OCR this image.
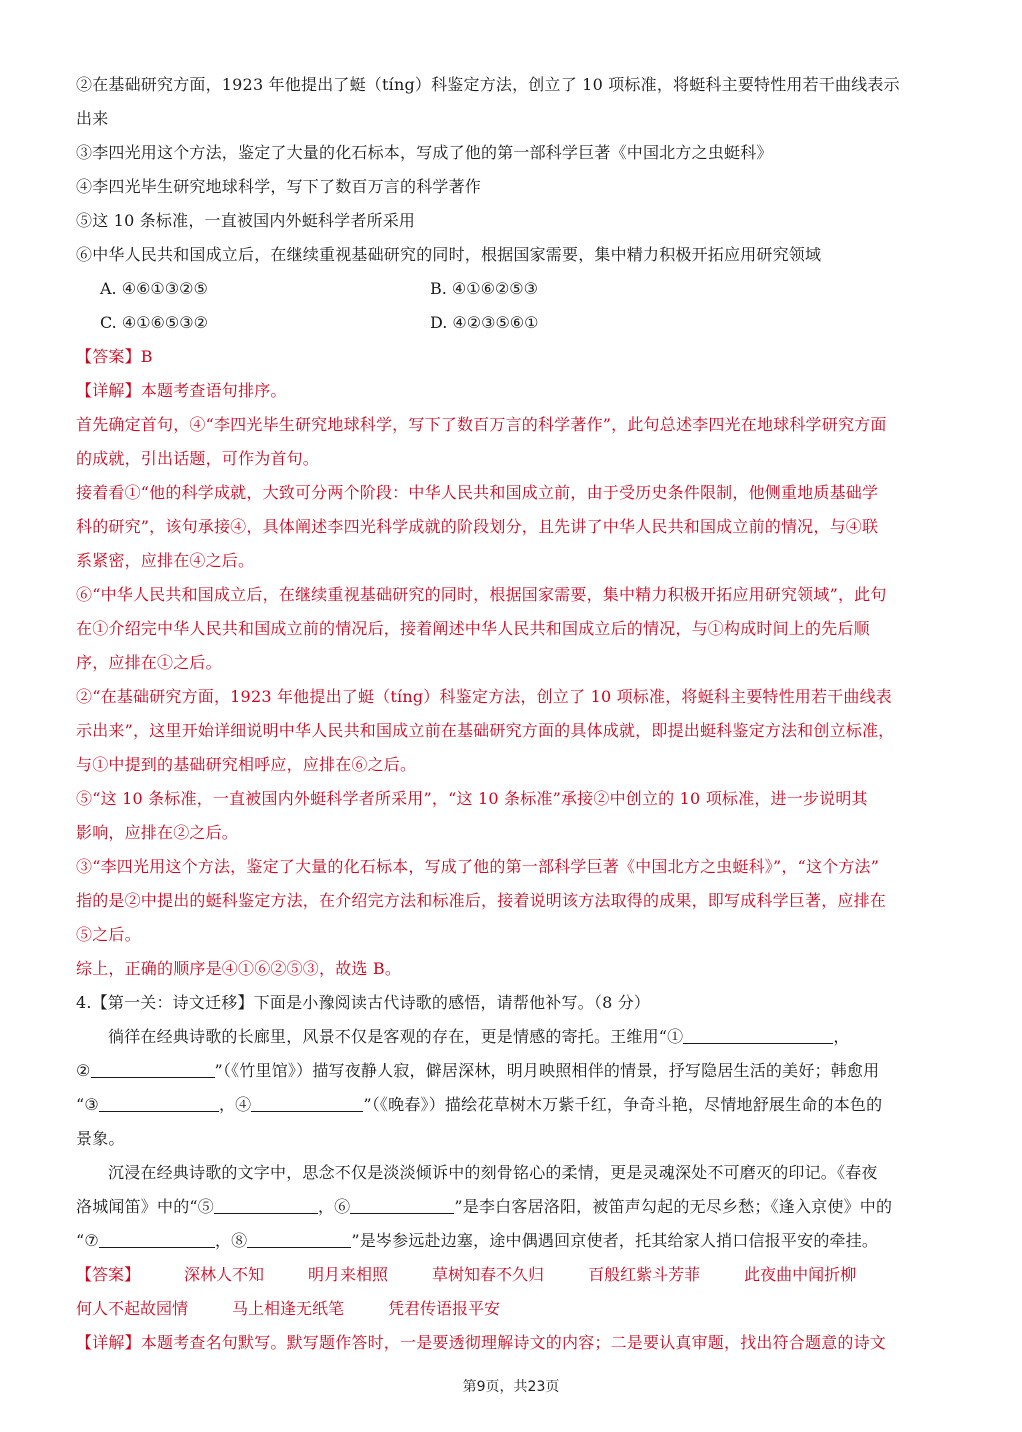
②在基础研究方面，1923 年他提出了蜓（tíng）科鉴定方法，创立了 10 项标准，将蜓科主要特性用若干曲线表示
出来
③李四光用这个方法，鉴定了大量的化石标本，写成了他的第一部科学巨著《中国北方之虫蜓科》
④李四光毕生研究地球科学，写下了数百万言的科学著作
⑤这 10 条标准，一直被国内外蜓科学者所采用
⑥中华人民共和国成立后，在继续重视基础研究的同时，根据国家需要，集中精力积极开拓应用研究领域
A. ④⑥①③②⑤	B. ④①⑥②⑤③
C. ④①⑥⑤③②	D. ④②③⑤⑥①
【答案】B
【详解】本题考查语句排序。
首先确定首句，④“李四光毕生研究地球科学，写下了数百万言的科学著作”，此句总述李四光在地球科学研究方面
的成就，引出话题，可作为首句。
接着看①“他的科学成就，大致可分两个阶段：中华人民共和国成立前，由于受历史条件限制，他侧重地质基础学
科的研究”，该句承接④，具体阐述李四光科学成就的阶段划分，且先讲了中华人民共和国成立前的情况，与④联
系紧密，应排在④之后。
⑥“中华人民共和国成立后，在继续重视基础研究的同时，根据国家需要，集中精力积极开拓应用研究领域”，此句
在①介绍完中华人民共和国成立前的情况后，接着阐述中华人民共和国成立后的情况，与①构成时间上的先后顺
序，应排在①之后。
②“在基础研究方面，1923 年他提出了蜓（tíng）科鉴定方法，创立了 10 项标准，将蜓科主要特性用若干曲线表
示出来”，这里开始详细说明中华人民共和国成立前在基础研究方面的具体成就，即提出蜓科鉴定方法和创立标准，
与①中提到的基础研究相呼应，应排在⑥之后。
⑤“这 10 条标准，一直被国内外蜓科学者所采用”，“这 10 条标准”承接②中创立的 10 项标准，进一步说明其
影响，应排在②之后。
③“李四光用这个方法，鉴定了大量的化石标本，写成了他的第一部科学巨著《中国北方之虫蜓科》”，“这个方法”
指的是②中提出的蜓科鉴定方法，在介绍完方法和标准后，接着说明该方法取得的成果，即写成科学巨著，应排在
⑤之后。
综上，正确的顺序是④①⑥②⑤③，故选 B。
4.【第一关：诗文迁移】下面是小豫阅读古代诗歌的感悟，请帮他补写。（8 分）
徜徉在经典诗歌的长廊里，风景不仅是客观的存在，更是情感的寄托。王维用“①	，
②	”（《竹里馆》）描写夜静人寂，僻居深林，明月映照相伴的情景，抒写隐居生活的美好；韩愈用
“③	，④	”（《晚春》）描绘花草树木万紫千红，争奇斗艳，尽情地舒展生命的本色的
景象。
沉浸在经典诗歌的文字中，思念不仅是淡淡倾诉中的刻骨铭心的柔情，更是灵魂深处不可磨灭的印记。《春夜
洛城闻笛》中的“⑤	，⑥	”是李白客居洛阳，被笛声勾起的无尽乡愁；《逢入京使》中的
“⑦	，⑧	”是岑参远赴边塞，途中偶遇回京使者，托其给家人捎口信报平安的牵挂。
【答案】	深林人不知	明月来相照	草树知春不久归	百般红紫斗芳菲	此夜曲中闻折柳
何人不起故园情	马上相逢无纸笔	凭君传语报平安
【详解】本题考查名句默写。默写题作答时，一是要透彻理解诗文的内容；二是要认真审题，找出符合题意的诗文
第9页，共23页
